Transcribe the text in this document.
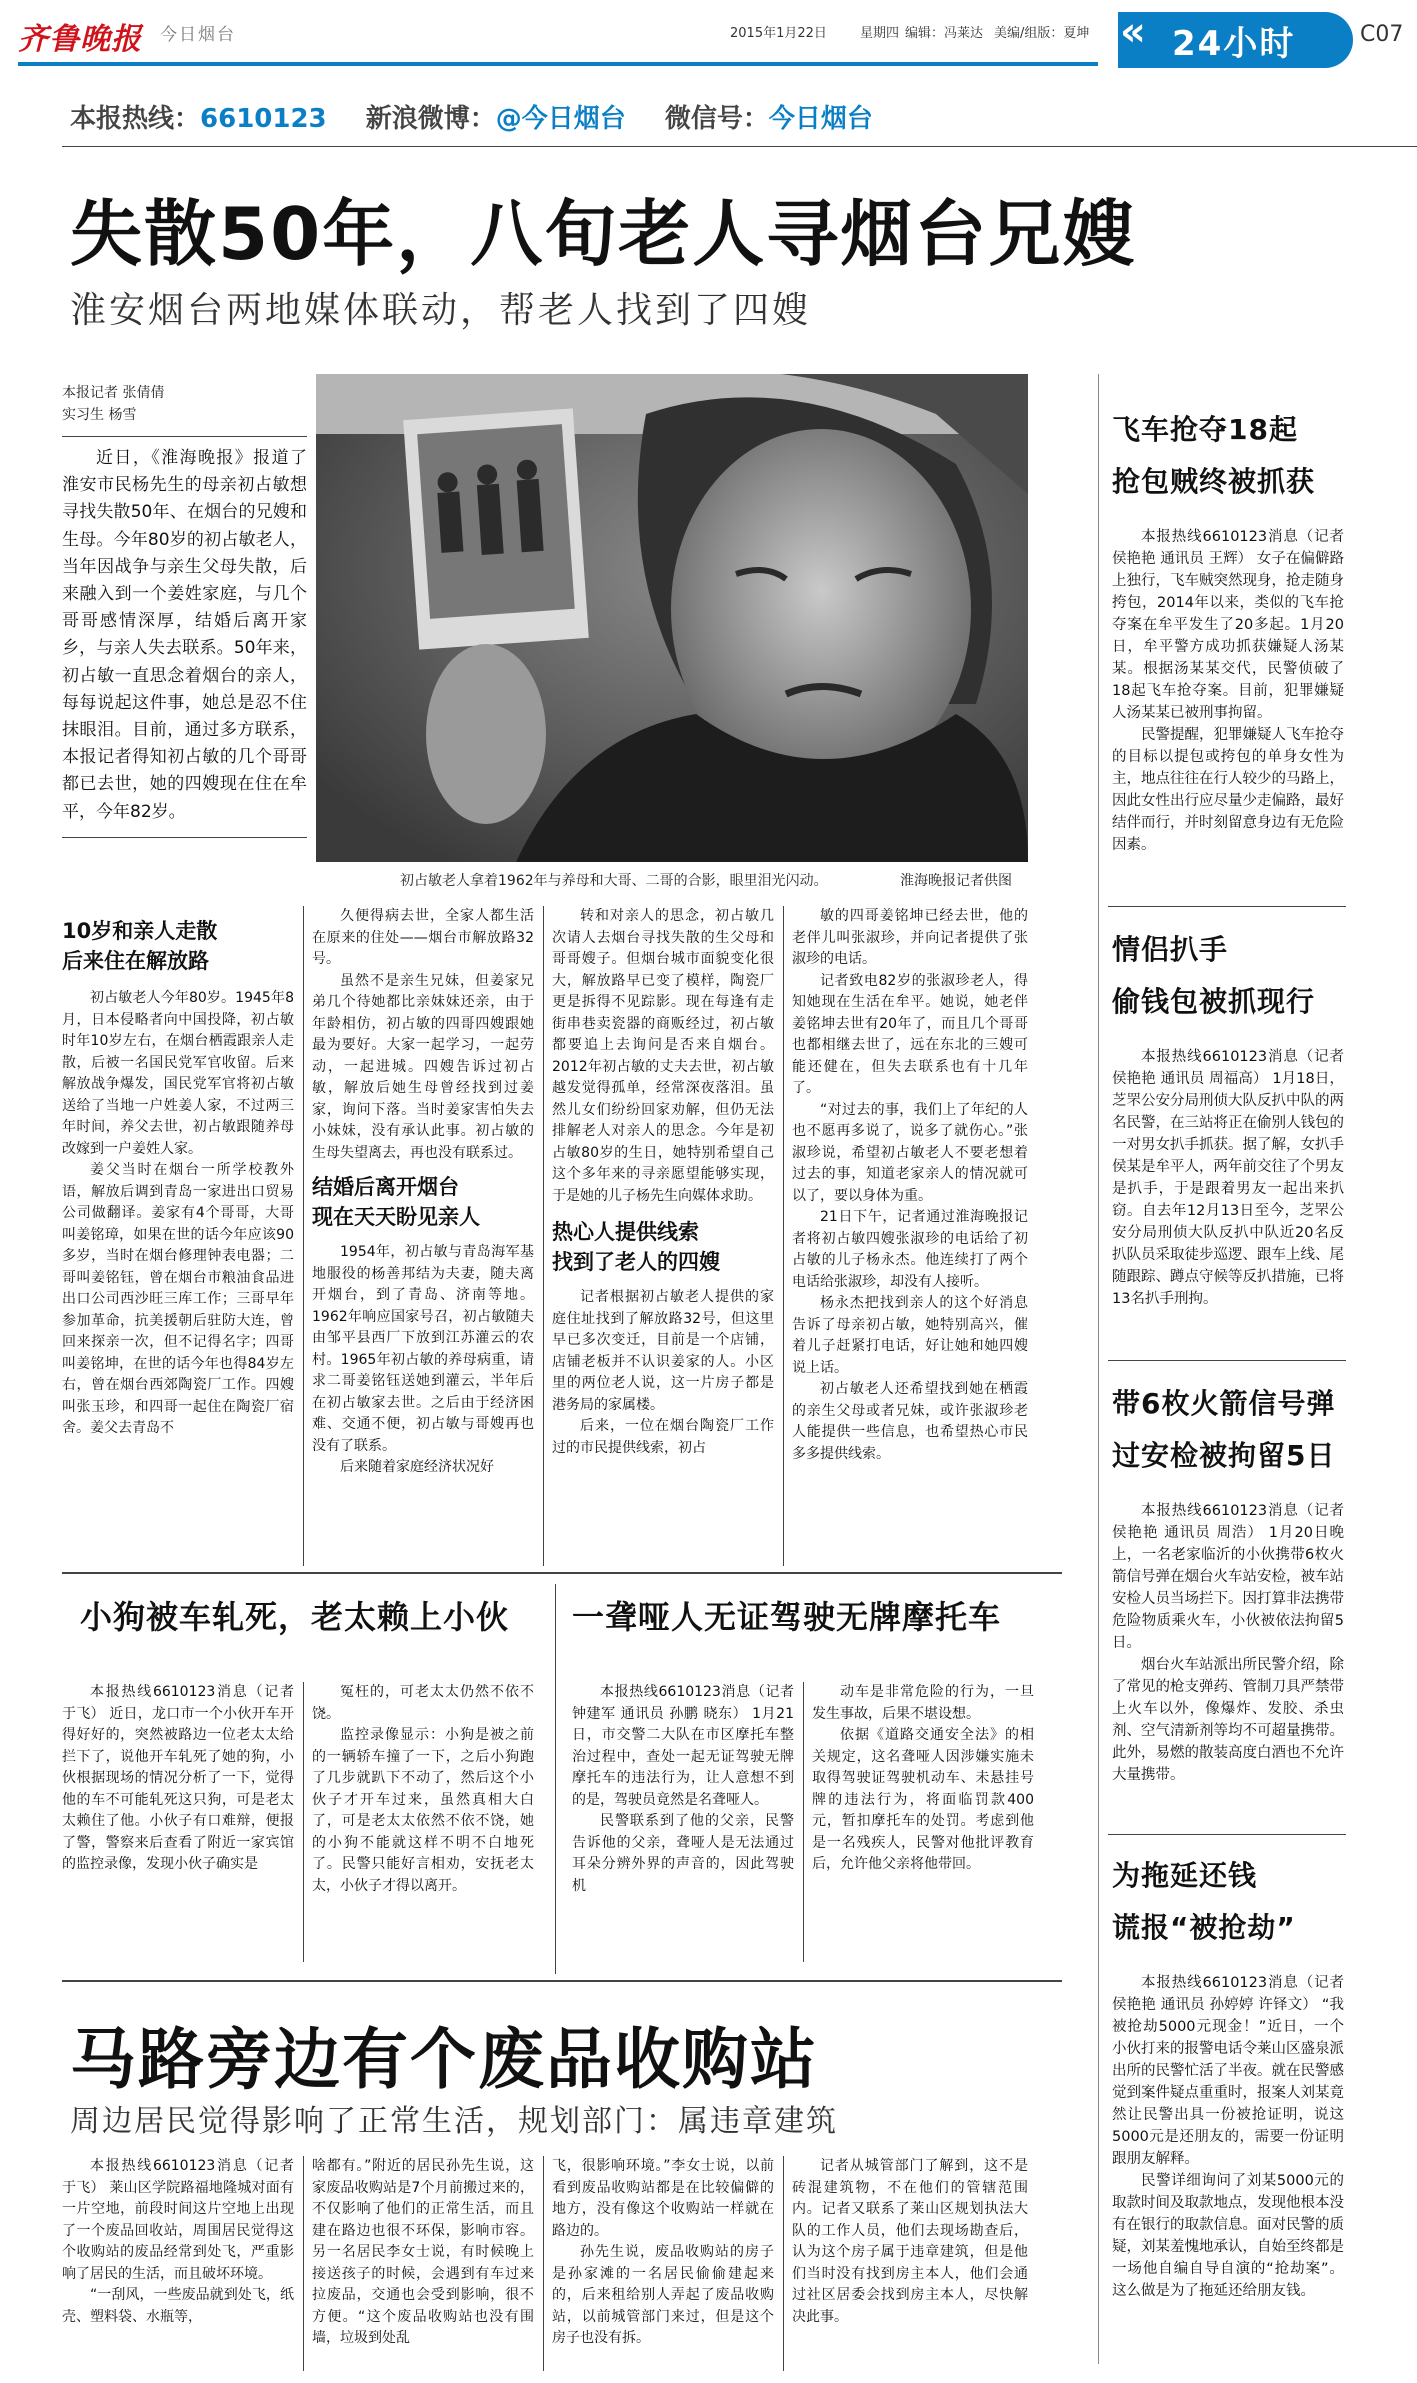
齐鲁晚报 今日烟台	2015年1月22日	星期四 编辑：冯莱达 美编/组版：夏坤 « 24小时	C07
本报热线：6610123 新浪微博：@今日烟台 微信号：今日烟台
失散50年，八旬老人寻烟台兄嫂
淮安烟台两地媒体联动，帮老人找到了四嫂
本报记者 张倩倩
实习生 杨雪
近日，《淮海晚报》报道了淮安市民杨先生的母亲初占敏想寻找失散50年、在烟台的兄嫂和生母。今年80岁的初占敏老人，当年因战争与亲生父母失散，后来融入到一个姜姓家庭，与几个哥哥感情深厚，结婚后离开家乡，与亲人失去联系。50年来，初占敏一直思念着烟台的亲人，每每说起这件事，她总是忍不住抹眼泪。目前，通过多方联系，本报记者得知初占敏的几个哥哥都已去世，她的四嫂现在住在牟平，今年82岁。
初占敏老人拿着1962年与养母和大哥、二哥的合影，眼里泪光闪动。	淮海晚报记者供图
10岁和亲人走散
后来住在解放路
初占敏老人今年80岁。1945年8月，日本侵略者向中国投降，初占敏时年10岁左右，在烟台栖霞跟亲人走散，后被一名国民党军官收留。后来解放战争爆发，国民党军官将初占敏送给了当地一户姓姜人家，不过两三年时间，养父去世，初占敏跟随养母改嫁到一户姜姓人家。
姜父当时在烟台一所学校教外语，解放后调到青岛一家进出口贸易公司做翻译。姜家有4个哥哥，大哥叫姜铭璋，如果在世的话今年应该90多岁，当时在烟台修理钟表电器；二哥叫姜铭钰，曾在烟台市粮油食品进出口公司西沙旺三库工作；三哥早年参加革命，抗美援朝后驻防大连，曾回来探亲一次，但不记得名字；四哥叫姜铭坤，在世的话今年也得84岁左右，曾在烟台西郊陶瓷厂工作。四嫂叫张玉珍，和四哥一起住在陶瓷厂宿舍。姜父去青岛不
久便得病去世，全家人都生活在原来的住处——烟台市解放路32号。
虽然不是亲生兄妹，但姜家兄弟几个待她都比亲妹妹还亲，由于年龄相仿，初占敏的四哥四嫂跟她最为要好。大家一起学习，一起劳动，一起进城。四嫂告诉过初占敏，解放后她生母曾经找到过姜家，询问下落。当时姜家害怕失去小妹妹，没有承认此事。初占敏的生母失望离去，再也没有联系过。
结婚后离开烟台
现在天天盼见亲人
1954年，初占敏与青岛海军基地服役的杨善邦结为夫妻，随夫离开烟台，到了青岛、济南等地。1962年响应国家号召，初占敏随夫由邹平县西厂下放到江苏灌云的农村。1965年初占敏的养母病重，请求二哥姜铭钰送她到灌云，半年后在初占敏家去世。之后由于经济困难、交通不便，初占敏与哥嫂再也没有了联系。
后来随着家庭经济状况好
转和对亲人的思念，初占敏几次请人去烟台寻找失散的生父母和哥哥嫂子。但烟台城市面貌变化很大，解放路早已变了模样，陶瓷厂更是拆得不见踪影。现在每逢有走街串巷卖瓷器的商贩经过，初占敏都要追上去询问是否来自烟台。2012年初占敏的丈夫去世，初占敏越发觉得孤单，经常深夜落泪。虽然儿女们纷纷回家劝解，但仍无法排解老人对亲人的思念。今年是初占敏80岁的生日，她特别希望自己这个多年来的寻亲愿望能够实现，于是她的儿子杨先生向媒体求助。
热心人提供线索
找到了老人的四嫂
记者根据初占敏老人提供的家庭住址找到了解放路32号，但这里早已多次变迁，目前是一个店铺，店铺老板并不认识姜家的人。小区里的两位老人说，这一片房子都是港务局的家属楼。
后来，一位在烟台陶瓷厂工作过的市民提供线索，初占
敏的四哥姜铭坤已经去世，他的老伴儿叫张淑珍，并向记者提供了张淑珍的电话。
记者致电82岁的张淑珍老人，得知她现在生活在牟平。她说，她老伴姜铭坤去世有20年了，而且几个哥哥也都相继去世了，远在东北的三嫂可能还健在，但失去联系也有十几年了。
“对过去的事，我们上了年纪的人也不愿再多说了，说多了就伤心。”张淑珍说，希望初占敏老人不要老想着过去的事，知道老家亲人的情况就可以了，要以身体为重。
21日下午，记者通过淮海晚报记者将初占敏四嫂张淑珍的电话给了初占敏的儿子杨永杰。他连续打了两个电话给张淑珍，却没有人接听。
杨永杰把找到亲人的这个好消息告诉了母亲初占敏，她特别高兴，催着儿子赶紧打电话，好让她和她四嫂说上话。
初占敏老人还希望找到她在栖霞的亲生父母或者兄妹，或许张淑珍老人能提供一些信息，也希望热心市民多多提供线索。
小狗被车轧死，老太赖上小伙
本报热线6610123消息（记者 于飞） 近日，龙口市一个小伙开车开得好好的，突然被路边一位老太太给拦下了，说他开车轧死了她的狗，小伙根据现场的情况分析了一下，觉得他的车不可能轧死这只狗，可是老太太赖住了他。小伙子有口难辩，便报了警，警察来后查看了附近一家宾馆的监控录像，发现小伙子确实是
冤枉的，可老太太仍然不依不饶。
监控录像显示：小狗是被之前的一辆轿车撞了一下，之后小狗跑了几步就趴下不动了，然后这个小伙子才开车过来，虽然真相大白了，可是老太太依然不依不饶，她的小狗不能就这样不明不白地死了。民警只能好言相劝，安抚老太太，小伙子才得以离开。
一聋哑人无证驾驶无牌摩托车
本报热线6610123消息（记者 钟建军 通讯员 孙鹏 晓东） 1月21日，市交警二大队在市区摩托车整治过程中，查处一起无证驾驶无牌摩托车的违法行为，让人意想不到的是，驾驶员竟然是名聋哑人。
民警联系到了他的父亲，民警告诉他的父亲，聋哑人是无法通过耳朵分辨外界的声音的，因此驾驶机
动车是非常危险的行为，一旦发生事故，后果不堪设想。
依据《道路交通安全法》的相关规定，这名聋哑人因涉嫌实施未取得驾驶证驾驶机动车、未悬挂号牌的违法行为，将面临罚款400元，暂扣摩托车的处罚。考虑到他是一名残疾人，民警对他批评教育后，允许他父亲将他带回。
马路旁边有个废品收购站
周边居民觉得影响了正常生活，规划部门：属违章建筑
本报热线6610123消息（记者 于飞） 莱山区学院路福地隆城对面有一片空地，前段时间这片空地上出现了一个废品回收站，周围居民觉得这个收购站的废品经常到处飞，严重影响了居民的生活，而且破坏环境。
“一刮风，一些废品就到处飞，纸壳、塑料袋、水瓶等，
啥都有。”附近的居民孙先生说，这家废品收购站是7个月前搬过来的，不仅影响了他们的正常生活，而且建在路边也很不环保，影响市容。另一名居民李女士说，有时候晚上接送孩子的时候，会遇到有车过来拉废品，交通也会受到影响，很不方便。“这个废品收购站也没有围墙，垃圾到处乱
飞，很影响环境。”李女士说，以前看到废品收购站都是在比较偏僻的地方，没有像这个收购站一样就在路边的。
孙先生说，废品收购站的房子是孙家滩的一名居民偷偷建起来的，后来租给别人弄起了废品收购站，以前城管部门来过，但是这个房子也没有拆。
记者从城管部门了解到，这不是砖混建筑物，不在他们的管辖范围内。记者又联系了莱山区规划执法大队的工作人员，他们去现场勘查后，认为这个房子属于违章建筑，但是他们当时没有找到房主本人，他们会通过社区居委会找到房主本人，尽快解决此事。
飞车抢夺18起
抢包贼终被抓获
本报热线6610123消息（记者 侯艳艳 通讯员 王辉） 女子在偏僻路上独行，飞车贼突然现身，抢走随身挎包，2014年以来，类似的飞车抢夺案在牟平发生了20多起。1月20日，牟平警方成功抓获嫌疑人汤某某。根据汤某某交代，民警侦破了18起飞车抢夺案。目前，犯罪嫌疑人汤某某已被刑事拘留。
民警提醒，犯罪嫌疑人飞车抢夺的目标以提包或挎包的单身女性为主，地点往往在行人较少的马路上，因此女性出行应尽量少走偏路，最好结伴而行，并时刻留意身边有无危险因素。
情侣扒手
偷钱包被抓现行
本报热线6610123消息（记者 侯艳艳 通讯员 周福高） 1月18日，芝罘公安分局刑侦大队反扒中队的两名民警，在三站将正在偷别人钱包的一对男女扒手抓获。据了解，女扒手侯某是牟平人，两年前交往了个男友是扒手，于是跟着男友一起出来扒窃。自去年12月13日至今，芝罘公安分局刑侦大队反扒中队近20名反扒队员采取徒步巡逻、跟车上线、尾随跟踪、蹲点守候等反扒措施，已将13名扒手刑拘。
带6枚火箭信号弹
过安检被拘留5日
本报热线6610123消息（记者 侯艳艳 通讯员 周浩） 1月20日晚上，一名老家临沂的小伙携带6枚火箭信号弹在烟台火车站安检，被车站安检人员当场拦下。因打算非法携带危险物质乘火车，小伙被依法拘留5日。
烟台火车站派出所民警介绍，除了常见的枪支弹药、管制刀具严禁带上火车以外，像爆炸、发胶、杀虫剂、空气清新剂等均不可超量携带。此外，易燃的散装高度白酒也不允许大量携带。
为拖延还钱
谎报“被抢劫”
本报热线6610123消息（记者 侯艳艳 通讯员 孙婷婷 许铎文） “我被抢劫5000元现金！”近日，一个小伙打来的报警电话令莱山区盛泉派出所的民警忙活了半夜。就在民警感觉到案件疑点重重时，报案人刘某竟然让民警出具一份被抢证明，说这5000元是还朋友的，需要一份证明跟朋友解释。
民警详细询问了刘某5000元的取款时间及取款地点，发现他根本没有在银行的取款信息。面对民警的质疑，刘某羞愧地承认，自始至终都是一场他自编自导自演的“抢劫案”。这么做是为了拖延还给朋友钱。
